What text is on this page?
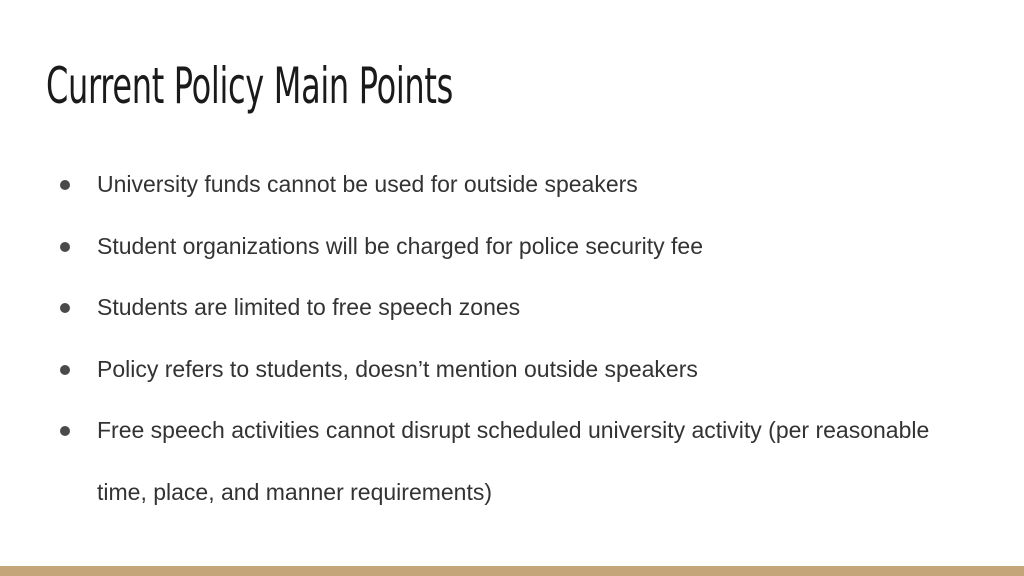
Current Policy Main Points
University funds cannot be used for outside speakers
Student organizations will be charged for police security fee
Students are limited to free speech zones
Policy refers to students, doesn’t mention outside speakers
Free speech activities cannot disrupt scheduled university activity (per reasonable time, place, and manner requirements)
